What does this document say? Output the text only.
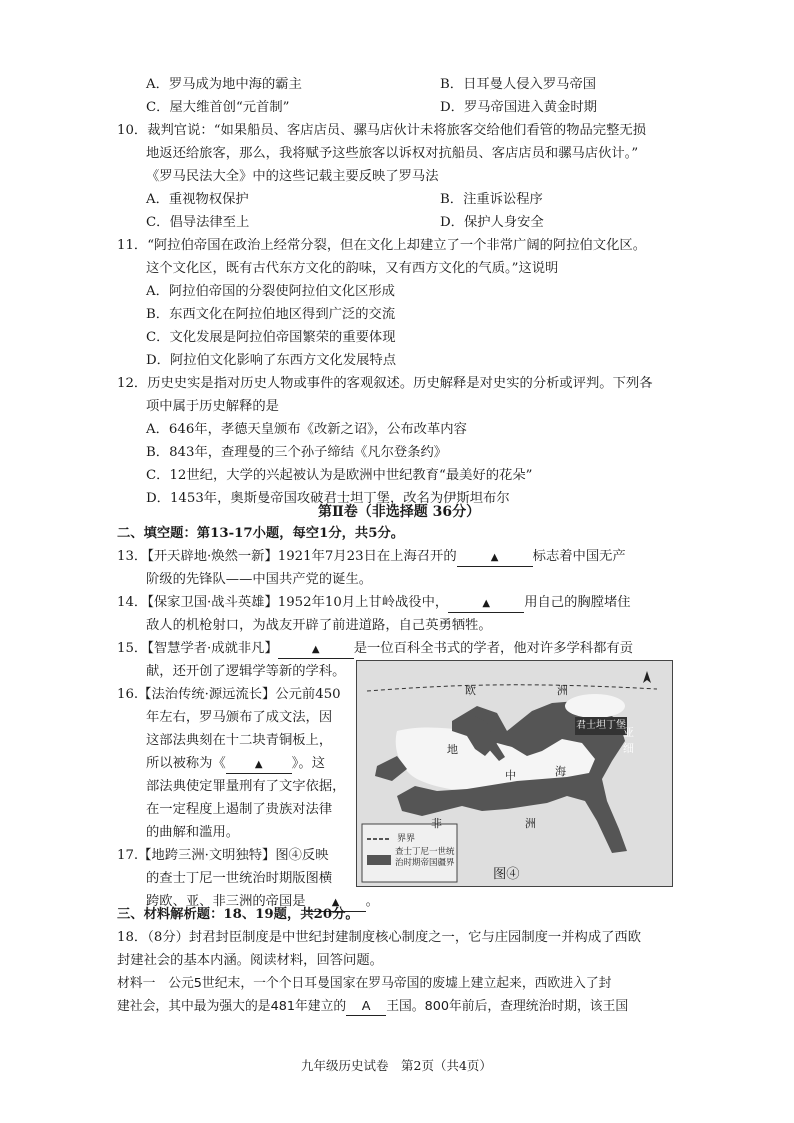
A．罗马成为地中海的霸主	B．日耳曼人侵入罗马帝国
C．屋大维首创“元首制”	D．罗马帝国进入黄金时期
10．裁判官说：“如果船员、客店店员、骡马店伙计未将旅客交给他们看管的物品完整无损
地返还给旅客，那么，我将赋予这些旅客以诉权对抗船员、客店店员和骡马店伙计。”
《罗马民法大全》中的这些记载主要反映了罗马法
A．重视物权保护	B．注重诉讼程序
C．倡导法律至上	D．保护人身安全
11．“阿拉伯帝国在政治上经常分裂，但在文化上却建立了一个非常广阔的阿拉伯文化区。
这个文化区，既有古代东方文化的韵味，又有西方文化的气质。”这说明
A．阿拉伯帝国的分裂使阿拉伯文化区形成
B．东西文化在阿拉伯地区得到广泛的交流
C．文化发展是阿拉伯帝国繁荣的重要体现
D．阿拉伯文化影响了东西方文化发展特点
12．历史史实是指对历史人物或事件的客观叙述。历史解释是对史实的分析或评判。下列各
项中属于历史解释的是
A．646年，孝德天皇颁布《改新之诏》，公布改革内容
B．843年，查理曼的三个孙子缔结《凡尔登条约》
C．12世纪，大学的兴起被认为是欧洲中世纪教育“最美好的花朵”
D．1453年，奥斯曼帝国攻破君士坦丁堡，改名为伊斯坦布尔
第Ⅱ卷（非选择题 36分）
二、填空题：第13-17小题，每空1分，共5分。
13．【开天辟地·焕然一新】1921年7月23日在上海召开的	▲	标志着中国无产
阶级的先锋队——中国共产党的诞生。
14．【保家卫国·战斗英雄】1952年10月上甘岭战役中，	▲	用自己的胸膛堵住
敌人的机枪射口，为战友开辟了前进道路，自己英勇牺牲。
15．【智慧学者·成就非凡】	▲	是一位百科全书式的学者，他对许多学科都有贡
献，还开创了逻辑学等新的学科。
16.【法治传统·源远流长】公元前450
年左右，罗马颁布了成文法，因
这部法典刻在十二块青铜板上，
所以被称为《	▲ 》。这
部法典使定罪量刑有了文字依据，
在一定程度上遏制了贵族对法律
的曲解和滥用。
17.【地跨三洲·文明独特】图④反映
的查士丁尼一世统治时期版图横
跨欧、亚、非三洲的帝国是	▲ 。
欧	洲
君士坦丁堡
亚
细
地
中	海
非	洲
界界
查士丁尼一世统
治时期帝国疆界
图④
三、材料解析题：18、19题，共20分。
18．（8分）封君封臣制度是中世纪封建制度核心制度之一，它与庄园制度一并构成了西欧
封建社会的基本内涵。阅读材料，回答问题。
材料一　公元5世纪末，一个个日耳曼国家在罗马帝国的废墟上建立起来，西欧进入了封
建社会，其中最为强大的是481年建立的 A 王国。800年前后，查理统治时期，该王国
九年级历史试卷　第2页（共4页）
